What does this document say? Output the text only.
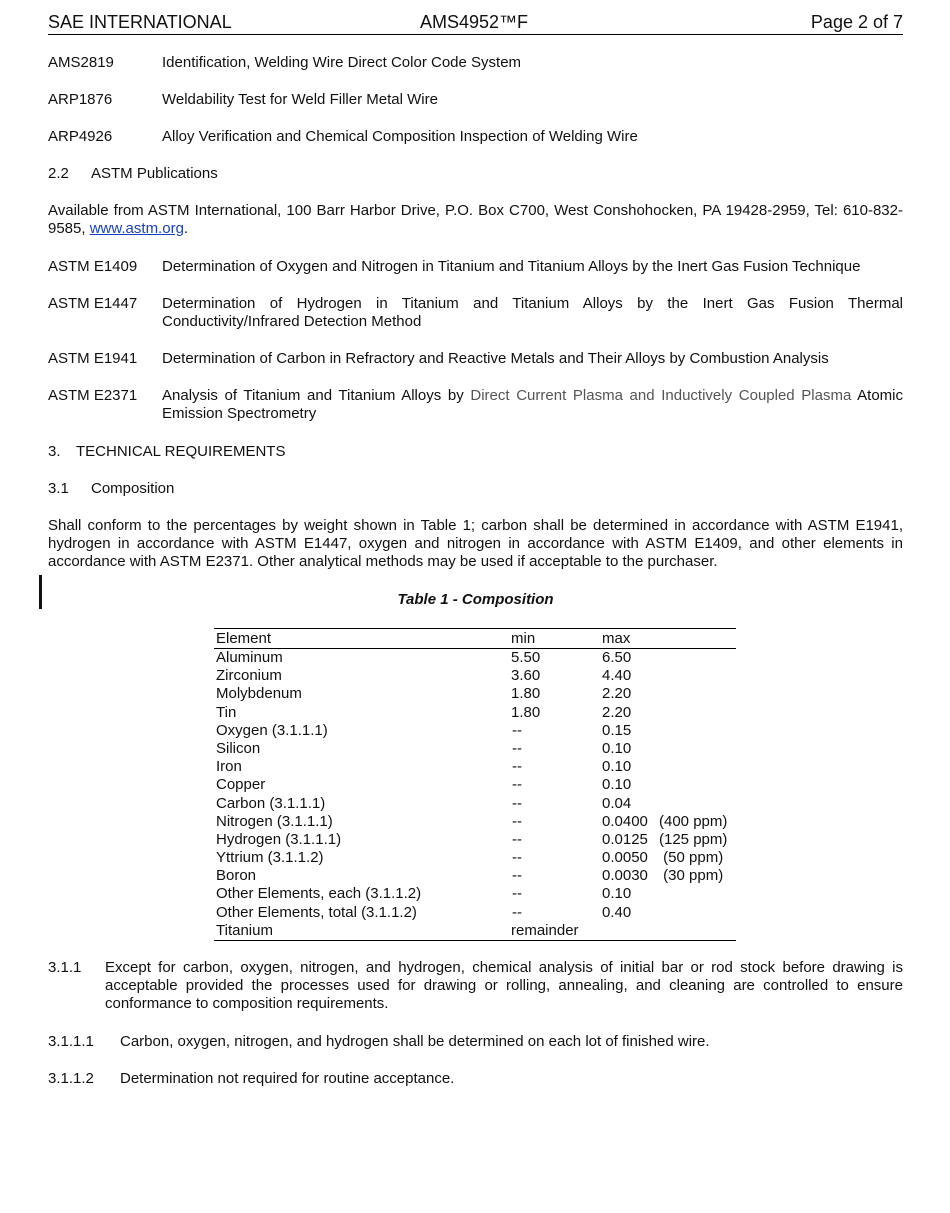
SAE INTERNATIONAL	AMS4952™F	Page 2 of 7
AMS2819	Identification, Welding Wire Direct Color Code System
ARP1876	Weldability Test for Weld Filler Metal Wire
ARP4926	Alloy Verification and Chemical Composition Inspection of Welding Wire
2.2 ASTM Publications
Available from ASTM International, 100 Barr Harbor Drive, P.O. Box C700, West Conshohocken, PA 19428-2959, Tel: 610-832-9585, www.astm.org.
ASTM E1409 Determination of Oxygen and Nitrogen in Titanium and Titanium Alloys by the Inert Gas Fusion Technique
ASTM E1447 Determination of Hydrogen in Titanium and Titanium Alloys by the Inert Gas Fusion Thermal Conductivity/Infrared Detection Method
ASTM E1941 Determination of Carbon in Refractory and Reactive Metals and Their Alloys by Combustion Analysis
ASTM E2371 Analysis of Titanium and Titanium Alloys by Direct Current Plasma and Inductively Coupled Plasma Atomic Emission Spectrometry
3. TECHNICAL REQUIREMENTS
3.1 Composition
Shall conform to the percentages by weight shown in Table 1; carbon shall be determined in accordance with ASTM E1941, hydrogen in accordance with ASTM E1447, oxygen and nitrogen in accordance with ASTM E1409, and other elements in accordance with ASTM E2371. Other analytical methods may be used if acceptable to the purchaser.
Table 1 - Composition
Element	min	max
Aluminum	5.50	6.50
Zirconium	3.60	4.40
Molybdenum	1.80	2.20
Tin	1.80	2.20
Oxygen (3.1.1.1)	--	0.15
Silicon	--	0.10
Iron	--	0.10
Copper	--	0.10
Carbon (3.1.1.1)	--	0.04
Nitrogen (3.1.1.1)	--	0.0400 (400 ppm)
Hydrogen (3.1.1.1)	--	0.0125 (125 ppm)
Yttrium (3.1.1.2)	--	0.0050 (50 ppm)
Boron	--	0.0030 (30 ppm)
Other Elements, each (3.1.1.2)	--	0.10
Other Elements, total (3.1.1.2)	--	0.40
Titanium	remainder
3.1.1 Except for carbon, oxygen, nitrogen, and hydrogen, chemical analysis of initial bar or rod stock before drawing is acceptable provided the processes used for drawing or rolling, annealing, and cleaning are controlled to ensure conformance to composition requirements.
3.1.1.1 Carbon, oxygen, nitrogen, and hydrogen shall be determined on each lot of finished wire.
3.1.1.2 Determination not required for routine acceptance.
